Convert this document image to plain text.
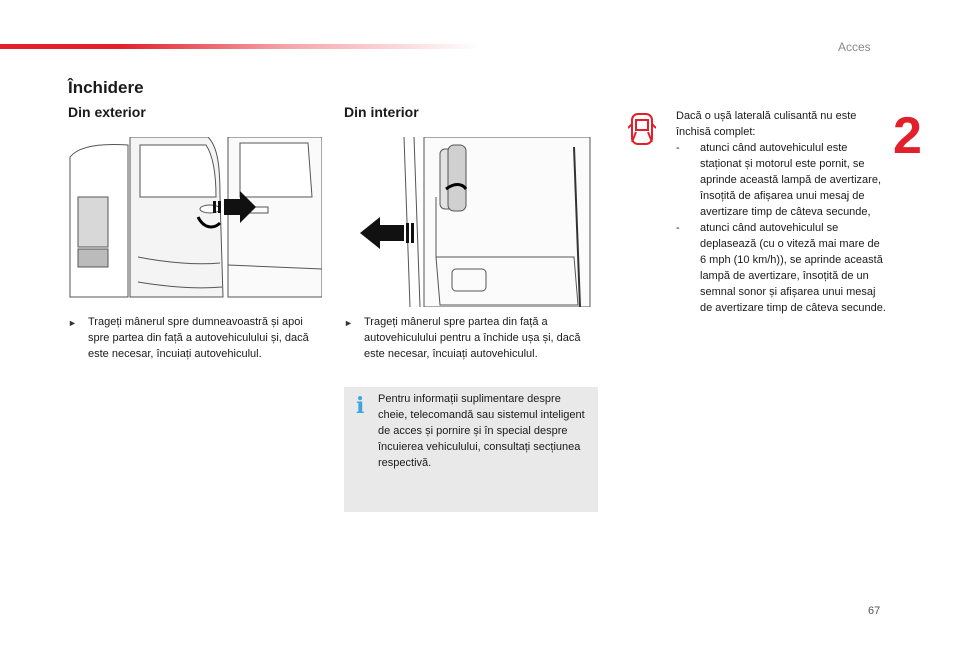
Acces
2
Închidere
Din exterior	Din interior
► Trageți mânerul spre dumneavoastră și apoi spre partea din față a autovehiculului și, dacă este necesar, încuiați autovehiculul.
► Trageți mânerul spre partea din față a autovehiculului pentru a închide ușa și, dacă este necesar, încuiați autovehiculul.
i Pentru informații suplimentare despre cheie, telecomandă sau sistemul inteligent de acces și pornire și în special despre încuierea vehiculului, consultați secțiunea respectivă.
Dacă o ușă laterală culisantă nu este închisă complet:
- atunci când autovehiculul este staționat și motorul este pornit, se aprinde această lampă de avertizare, însoțită de afișarea unui mesaj de avertizare timp de câteva secunde,
- atunci când autovehiculul se deplasează (cu o viteză mai mare de 6 mph (10 km/h)), se aprinde această lampă de avertizare, însoțită de un semnal sonor și afișarea unui mesaj de avertizare timp de câteva secunde.
67
